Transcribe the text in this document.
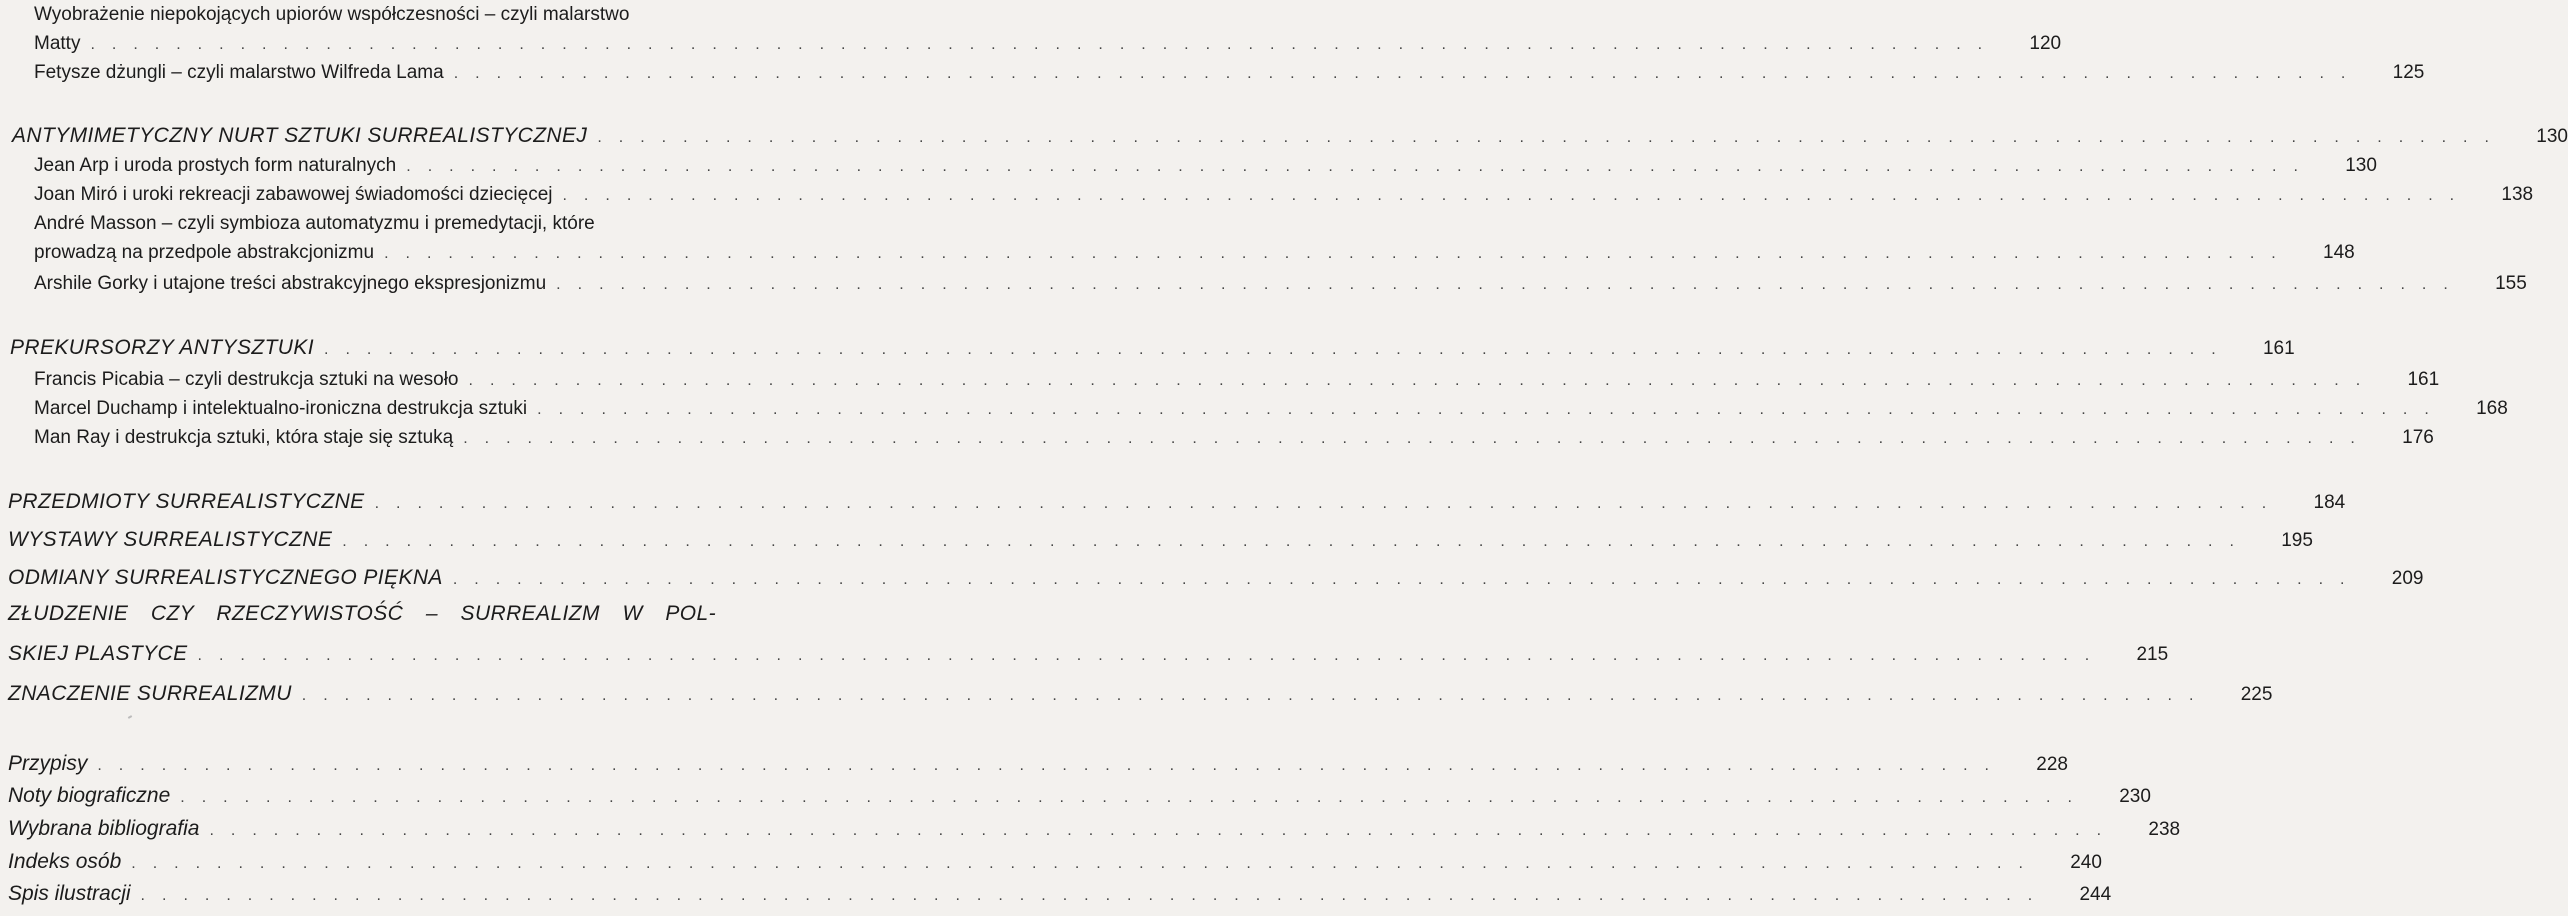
Wyobrażenie niepokojących upiorów współczesności – czyli malarstwo
Matty .........................................................................................	120
Fetysze dżungli – czyli malarstwo Wilfreda Lama .........................................................................................	125
ANTYMIMETYCZNY NURT SZTUKI SURREALISTYCZNEJ .........................................................................................	130
Jean Arp i uroda prostych form naturalnych .........................................................................................	130
Joan Miró i uroki rekreacji zabawowej świadomości dziecięcej .........................................................................................	138
André Masson – czyli symbioza automatyzmu i premedytacji, które
prowadzą na przedpole abstrakcjonizmu .........................................................................................	148
Arshile Gorky i utajone treści abstrakcyjnego ekspresjonizmu .........................................................................................	155
PREKURSORZY ANTYSZTUKI .........................................................................................	161
Francis Picabia – czyli destrukcja sztuki na wesoło .........................................................................................	161
Marcel Duchamp i intelektualno-ironiczna destrukcja sztuki .........................................................................................	168
Man Ray i destrukcja sztuki, która staje się sztuką .........................................................................................	176
PRZEDMIOTY SURREALISTYCZNE .........................................................................................	184
WYSTAWY SURREALISTYCZNE .........................................................................................	195
ODMIANY SURREALISTYCZNEGO PIĘKNA .........................................................................................	209
ZŁUDZENIE CZY RZECZYWISTOŚĆ – SURREALIZM W POL-
SKIEJ PLASTYCE .........................................................................................	215
ZNACZENIE SURREALIZMU .........................................................................................	225
Przypisy .........................................................................................	228
Noty biograficzne .........................................................................................	230
Wybrana bibliografia .........................................................................................	238
Indeks osób .........................................................................................	240
Spis ilustracji .........................................................................................	244
